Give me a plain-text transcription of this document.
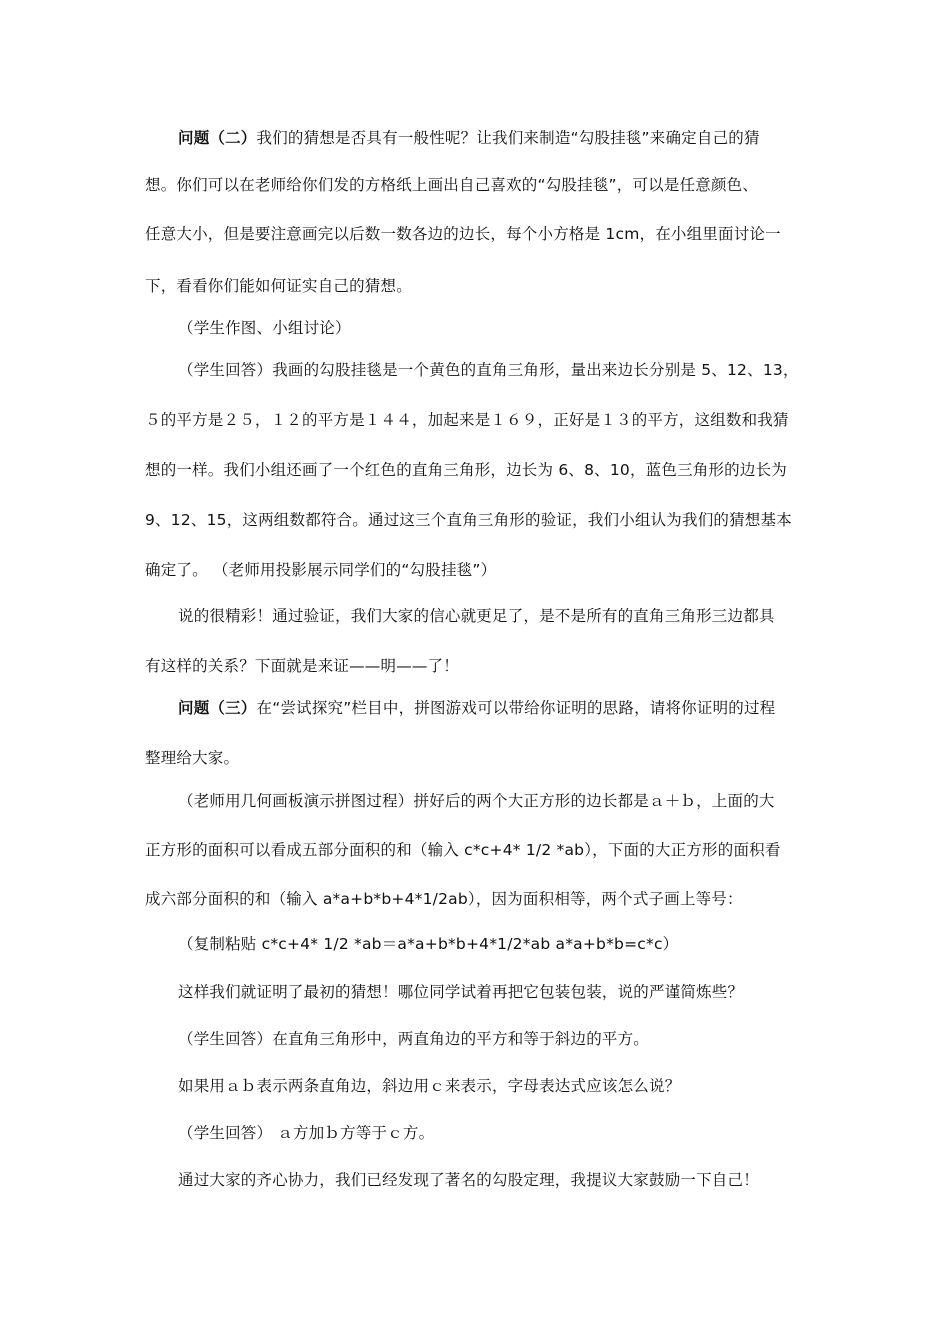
问题（二）我们的猜想是否具有一般性呢？让我们来制造“勾股挂毯”来确定自己的猜
想。你们可以在老师给你们发的方格纸上画出自己喜欢的“勾股挂毯”，可以是任意颜色、
任意大小，但是要注意画完以后数一数各边的边长，每个小方格是 1cm，在小组里面讨论一
下，看看你们能如何证实自己的猜想。
（学生作图、小组讨论）
（学生回答）我画的勾股挂毯是一个黄色的直角三角形，量出来边长分别是 5、12、13，
５的平方是２５，１２的平方是１４４，加起来是１６９，正好是１３的平方，这组数和我猜
想的一样。我们小组还画了一个红色的直角三角形，边长为 6、8、10，蓝色三角形的边长为
9、12、15，这两组数都符合。通过这三个直角三角形的验证，我们小组认为我们的猜想基本
确定了。 （老师用投影展示同学们的“勾股挂毯”）
说的很精彩！通过验证，我们大家的信心就更足了，是不是所有的直角三角形三边都具
有这样的关系？下面就是来证——明——了！
问题（三）在“尝试探究”栏目中，拼图游戏可以带给你证明的思路，请将你证明的过程
整理给大家。
（老师用几何画板演示拼图过程）拼好后的两个大正方形的边长都是ａ＋ｂ，上面的大
正方形的面积可以看成五部分面积的和（输入 c*c+4* 1/2 *ab），下面的大正方形的面积看
成六部分面积的和（输入 a*a+b*b+4*1/2ab），因为面积相等，两个式子画上等号：
（复制粘贴 c*c+4* 1/2 *ab＝a*a+b*b+4*1/2*ab a*a+b*b=c*c）
这样我们就证明了最初的猜想！哪位同学试着再把它包装包装，说的严谨简炼些？
（学生回答）在直角三角形中，两直角边的平方和等于斜边的平方。
如果用ａｂ表示两条直角边，斜边用ｃ来表示，字母表达式应该怎么说？
（学生回答） ａ方加ｂ方等于ｃ方。
通过大家的齐心协力，我们已经发现了著名的勾股定理，我提议大家鼓励一下自己！
